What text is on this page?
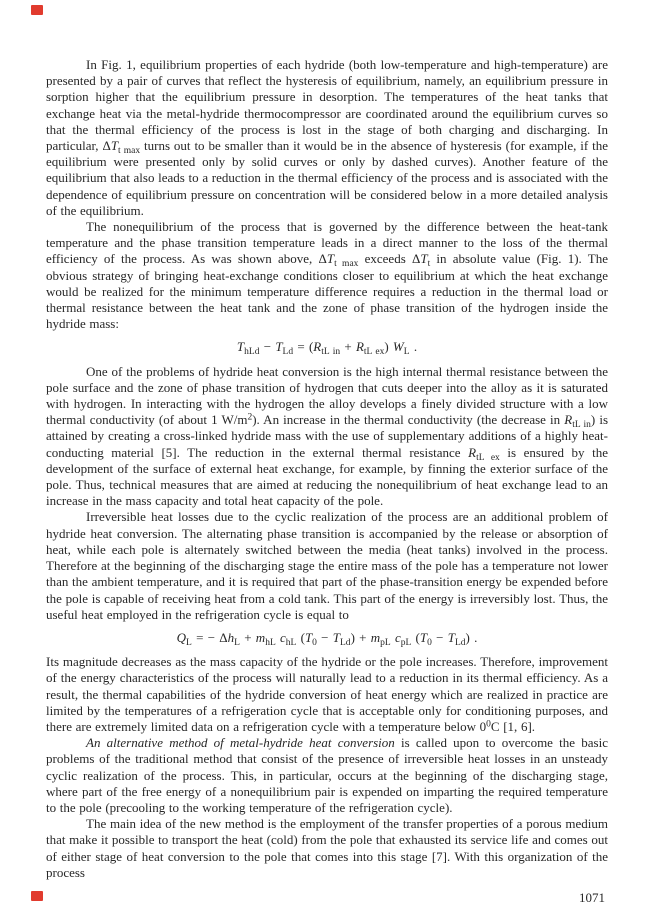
In Fig. 1, equilibrium properties of each hydride (both low-temperature and high-temperature) are presented by a pair of curves that reflect the hysteresis of equilibrium, namely, an equilibrium pressure in sorption higher that the equilibrium pressure in desorption. The temperatures of the heat tanks that exchange heat via the metal-hydride thermocompressor are coordinated around the equilibrium curves so that the thermal efficiency of the process is lost in the stage of both charging and discharging. In particular, $\Delta T_{t max}$ turns out to be smaller than it would be in the absence of hysteresis (for example, if the equilibrium were presented only by solid curves or only by dashed curves). Another feature of the equilibrium that also leads to a reduction in the thermal efficiency of the process and is associated with the dependence of equilibrium pressure on concentration will be considered below in a more detailed analysis of the equilibrium.

The nonequilibrium of the process that is governed by the difference between the heat-tank temperature and the phase transition temperature leads in a direct manner to the loss of the thermal efficiency of the process. As was shown above, $\Delta T_{t max}$ exceeds $\Delta T_t$ in absolute value (Fig. 1). The obvious strategy of bringing heat-exchange conditions closer to equilibrium at which the heat exchange would be realized for the minimum temperature difference requires a reduction in the thermal load or thermal resistance between the heat tank and the zone of phase transition of the hydrogen inside the hydride mass:

$T_{hLd} - T_{Ld} = (R_{tL in} + R_{tL ex})$ $W_L$ .

One of the problems of hydride heat conversion is the high internal thermal resistance between the pole surface and the zone of phase transition of hydrogen that cuts deeper into the alloy as it is saturated with hydrogen. In interacting with the hydrogen the alloy develops a finely divided structure with a low thermal conductivity (of about 1 $W/m^2$). An increase in the thermal conductivity (the decrease in $R_{tL in}$) is attained by creating a cross-linked hydride mass with the use of supplementary additions of a highly heat-conducting material [5]. The reduction in the external thermal resistance $R_{tL ex}$ is ensured by the development of the surface of external heat exchange, for example, by finning the exterior surface of the pole. Thus, technical measures that are aimed at reducing the nonequilibrium of heat exchange lead to an increase in the mass capacity and total heat capacity of the pole.

Irreversible heat losses due to the cyclic realization of the process are an additional problem of hydride heat conversion. The alternating phase transition is accompanied by the release or absorption of heat, while each pole is alternately switched between the media (heat tanks) involved in the process. Therefore at the beginning of the discharging stage the entire mass of the pole has a temperature not lower than the ambient temperature, and it is required that part of the phase-transition energy be expended before the pole is capable of receiving heat from a cold tank. This part of the energy is irreversibly lost. Thus, the useful heat employed in the refrigeration cycle is equal to

$Q_L$ = − $\Delta h_L + m_{hL}$ $c_{hL}$ $(T_0 - T_{Ld}) + m_{pL}$ $c_{pL}$ $(T_0 - T_{Ld})$ .

Its magnitude decreases as the mass capacity of the hydride or the pole increases. Therefore, improvement of the energy characteristics of the process will naturally lead to a reduction in its thermal efficiency. As a result, the thermal capabilities of the hydride conversion of heat energy which are realized in practice are limited by the temperatures of a refrigeration cycle that is acceptable only for conditioning purposes, and there are extremely limited data on a refrigeration cycle with a temperature below $0^0C$ [1, 6].

An alternative method of metal-hydride heat conversion is called upon to overcome the basic problems of the traditional method that consist of the presence of irreversible heat losses in an unsteady cyclic realization of the process. This, in particular, occurs at the beginning of the discharging stage, where part of the free energy of a nonequilibrium pair is expended on imparting the required temperature to the pole (precooling to the working temperature of the refrigeration cycle).

The main idea of the new method is the employment of the transfer properties of a porous medium that make it possible to transport the heat (cold) from the pole that exhausted its service life and comes out of either stage of heat conversion to the pole that comes into this stage [7]. With this organization of the process

1071
